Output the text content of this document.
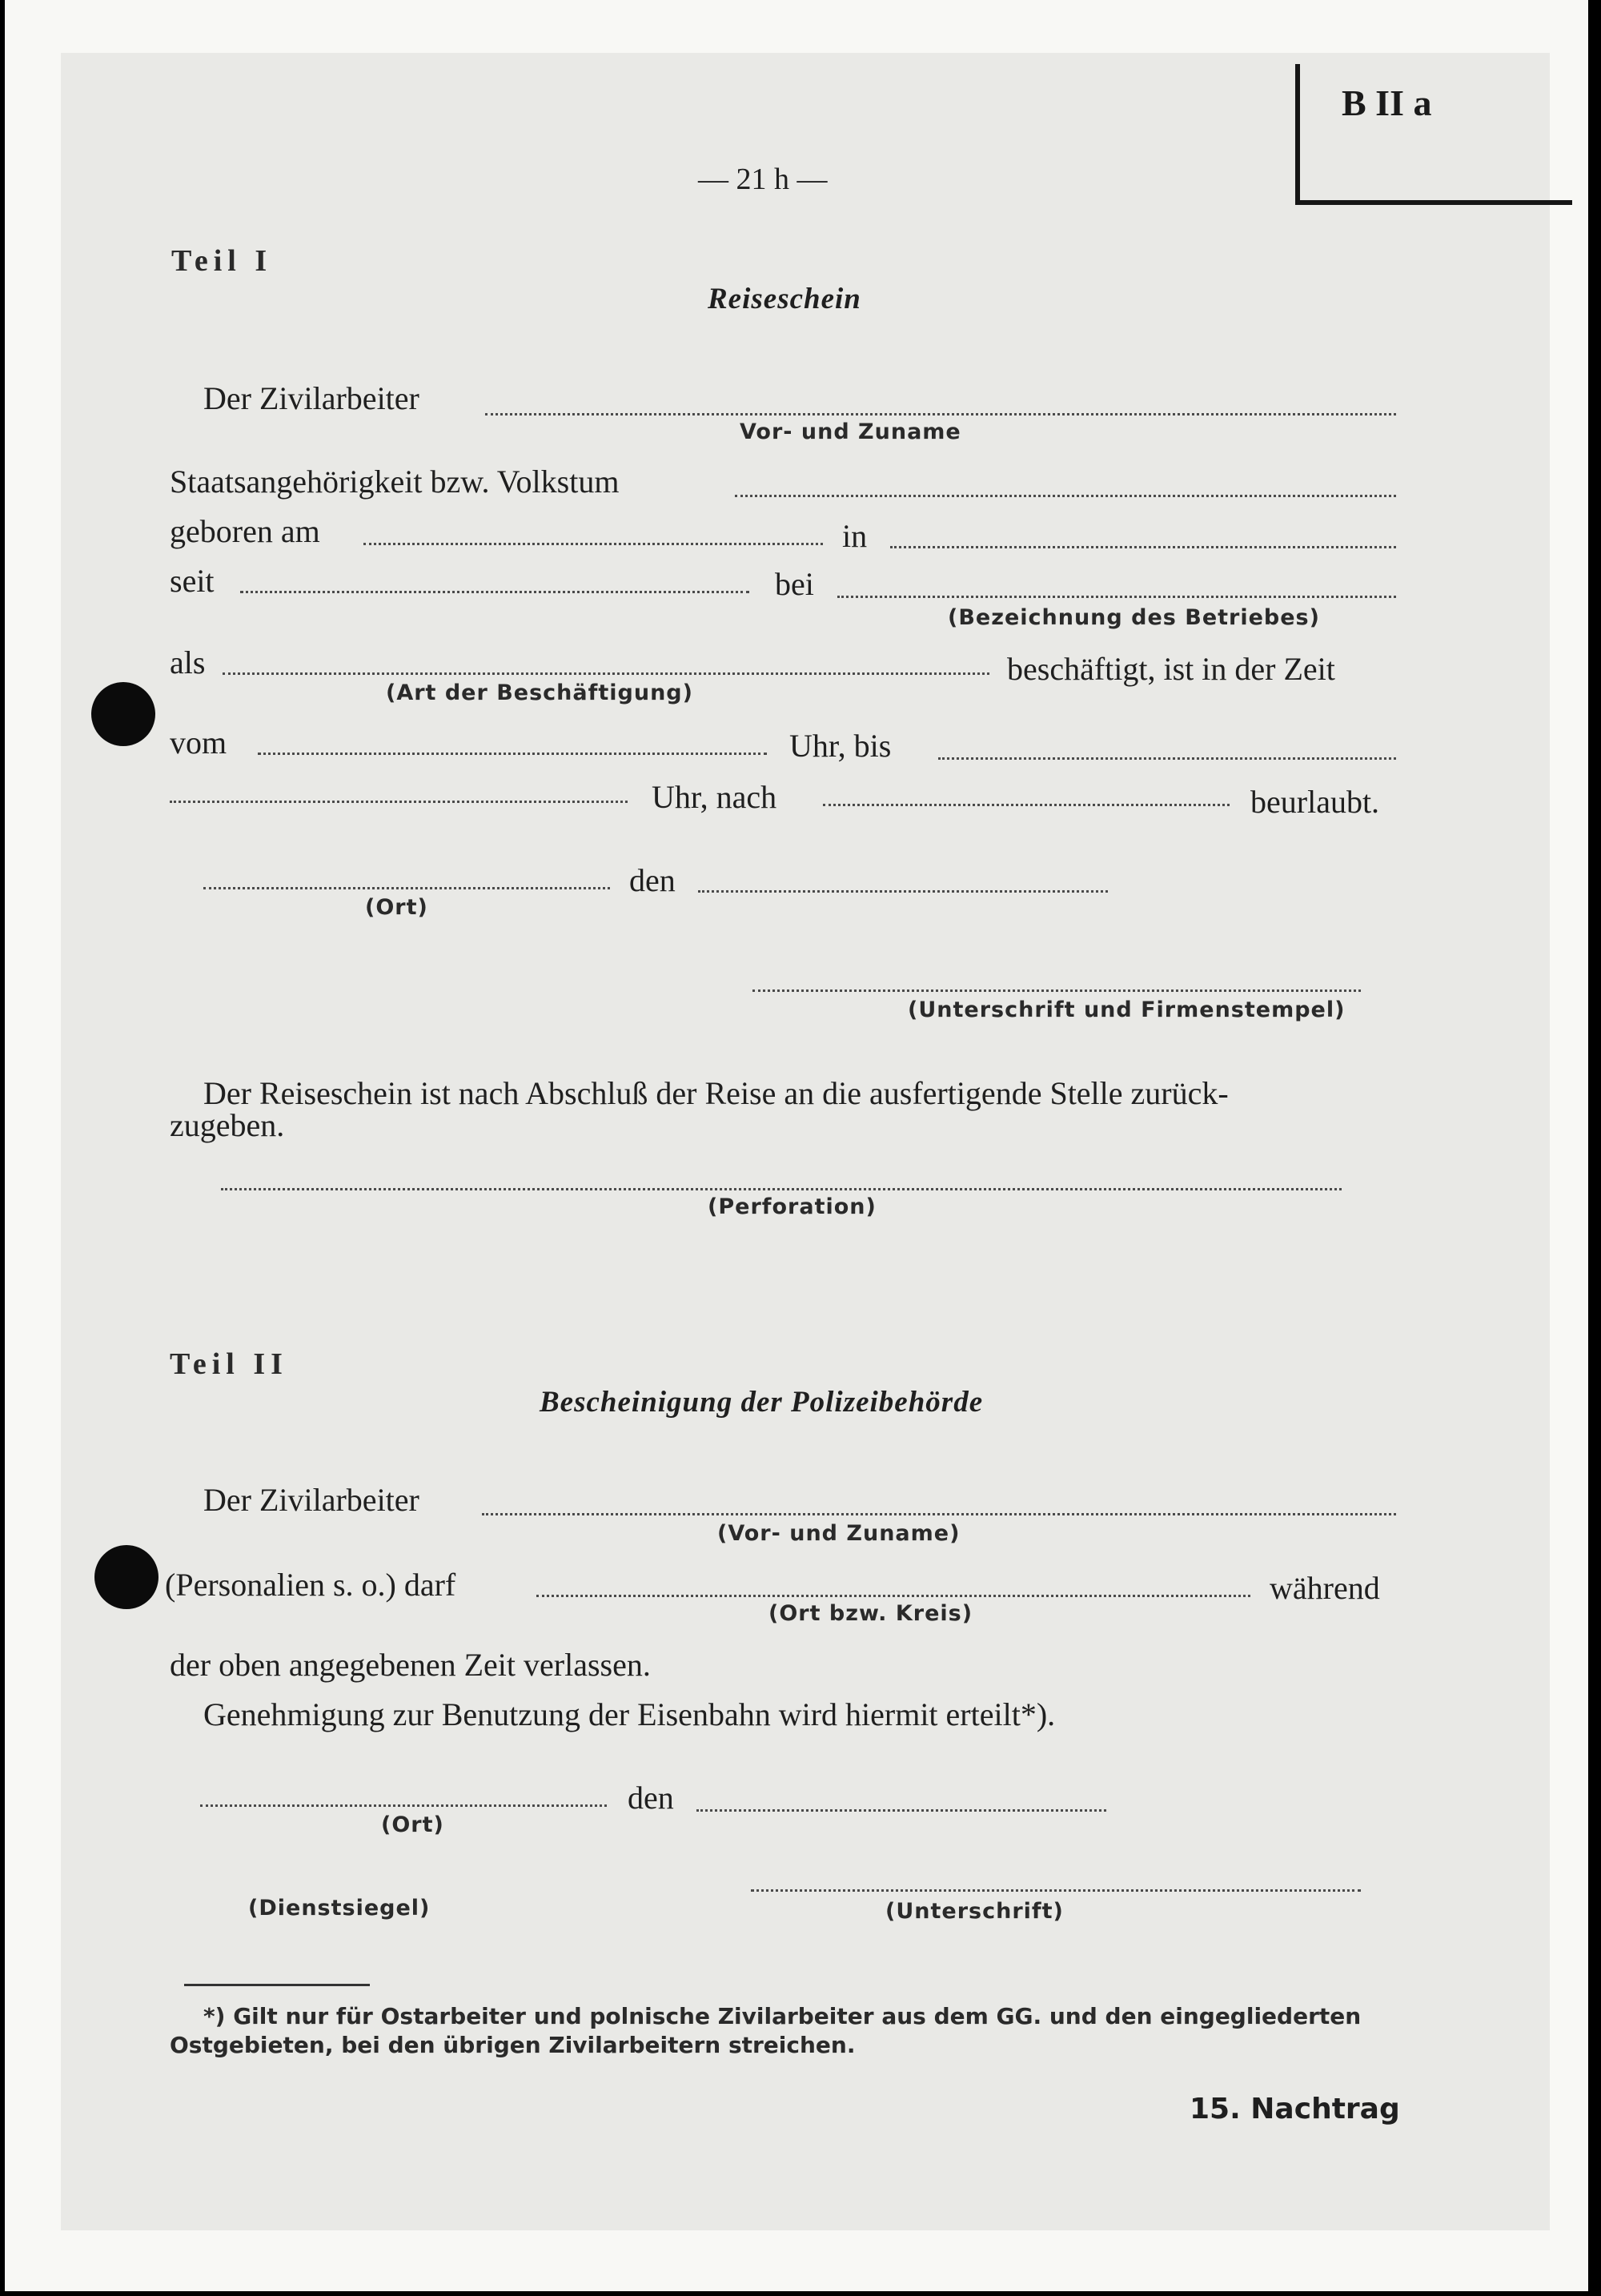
B II a
— 21 h —
Teil I
Reiseschein
Der Zivilarbeiter
Vor- und Zuname
Staatsangehörigkeit bzw. Volkstum
geboren am	in
seit	bei
(Bezeichnung des Betriebes)
als	beschäftigt, ist in der Zeit
(Art der Beschäftigung)
vom	Uhr, bis
Uhr, nach	beurlaubt.
den
(Ort)
(Unterschrift und Firmenstempel)
Der Reiseschein ist nach Abschluß der Reise an die ausfertigende Stelle zurück-
zugeben.
(Perforation)
Teil II
Bescheinigung der Polizeibehörde
Der Zivilarbeiter
(Vor- und Zuname)
(Personalien s. o.) darf	während
(Ort bzw. Kreis)
der oben angegebenen Zeit verlassen.
Genehmigung zur Benutzung der Eisenbahn wird hiermit erteilt*).
den
(Ort)
(Dienstsiegel)	(Unterschrift)
*) Gilt nur für Ostarbeiter und polnische Zivilarbeiter aus dem GG. und den eingegliederten
Ostgebieten, bei den übrigen Zivilarbeitern streichen.
15. Nachtrag
